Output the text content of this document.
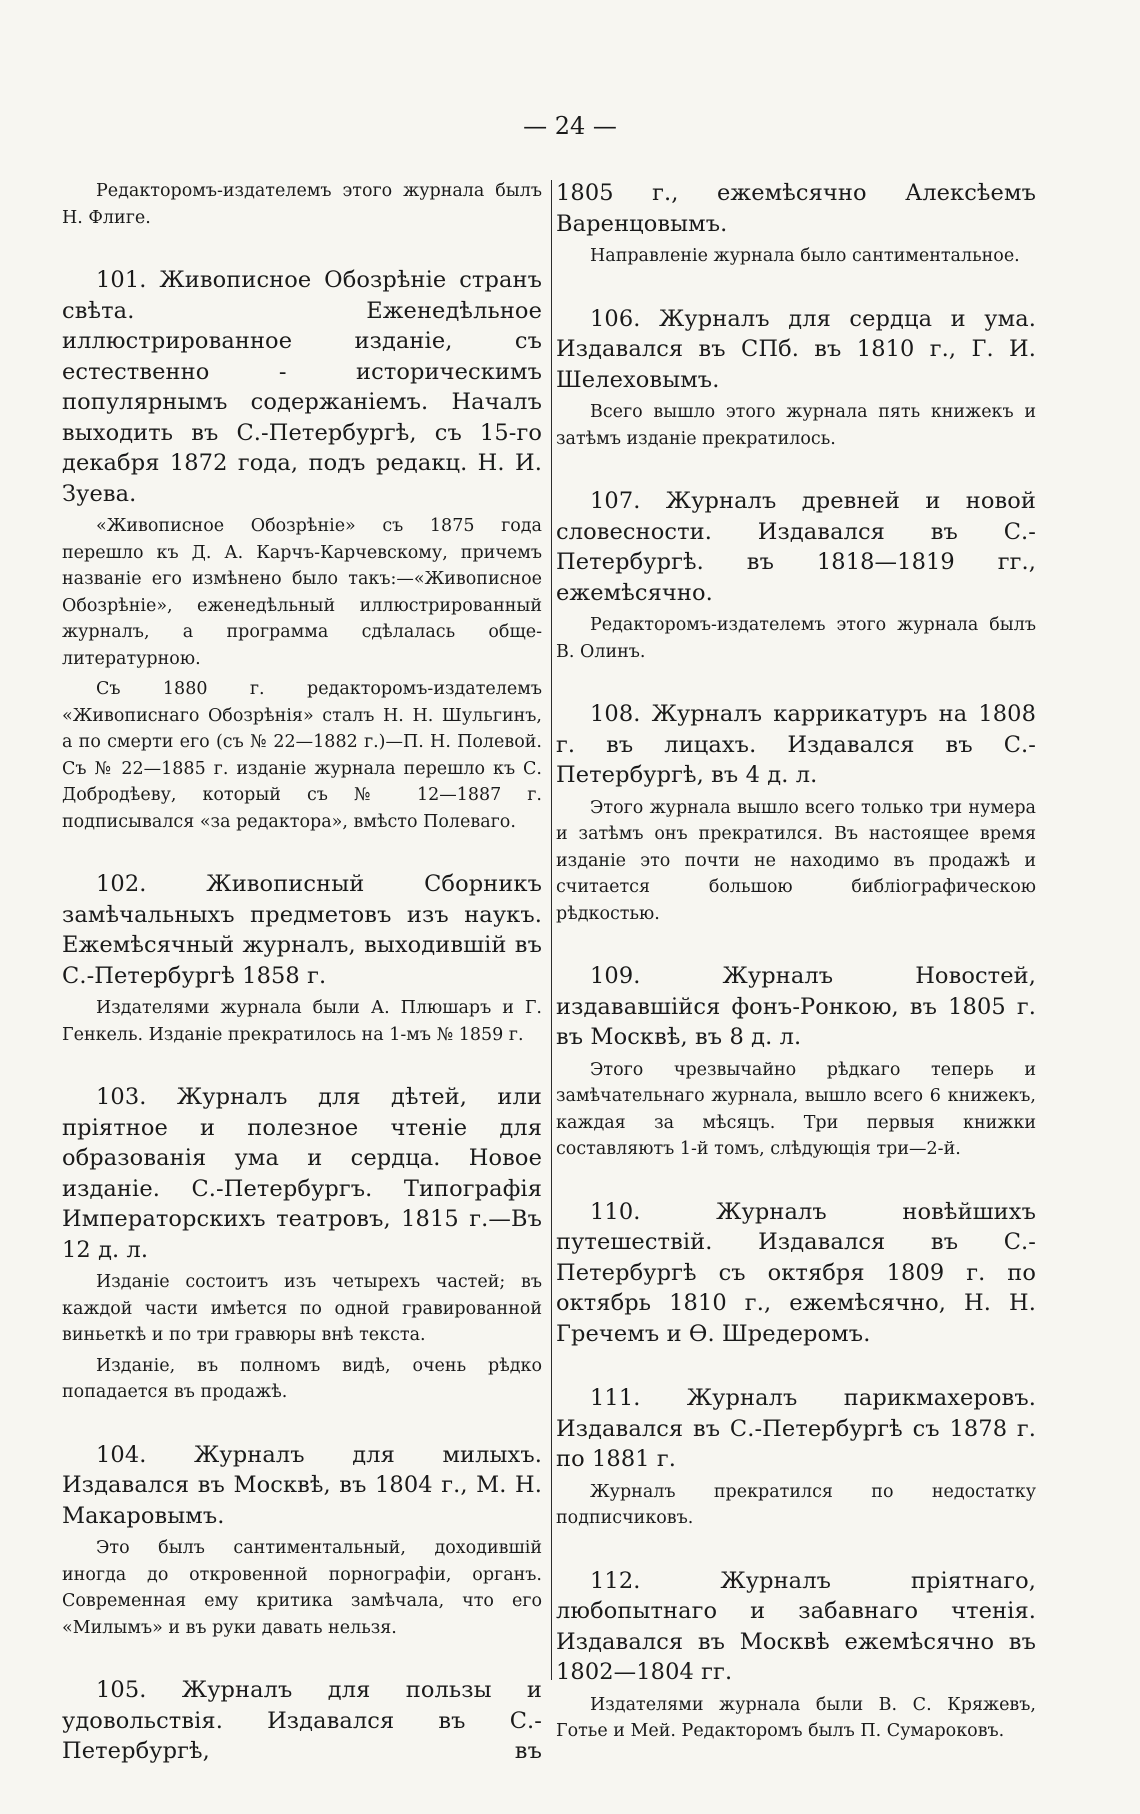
— 24 —

Редакторомъ-издателемъ этого журнала былъ Н. Флиге.

101. Живописное Обозрѣніе странъ свѣта. Еженедѣльное иллюстрированное изданіе, съ естественно - историческимъ популярнымъ содержаніемъ. Началъ выходить въ С.-Петербургѣ, съ 15-го декабря 1872 года, подъ редакц. Н. И. Зуева.

«Живописное Обозрѣніе» съ 1875 года перешло къ Д. А. Карчъ-Карчевскому, причемъ названіе его измѣнено было такъ:—«Живописное Обозрѣніе», еженедѣльный иллюстрированный журналъ, а программа сдѣлалась обще-литературною.

Съ 1880 г. редакторомъ-издателемъ «Живописнаго Обозрѣнія» сталъ Н. Н. Шульгинъ, а по смерти его (съ № 22—1882 г.)—П. Н. Полевой. Съ № 22—1885 г. изданіе журнала перешло къ С. Добродѣеву, который съ № 12—1887 г. подписывался «за редактора», вмѣсто Полеваго.

102. Живописный Сборникъ замѣчальныхъ предметовъ изъ наукъ. Ежемѣсячный журналъ, выходившій въ С.-Петербургѣ 1858 г.

Издателями журнала были А. Плюшаръ и Г. Генкель. Изданіе прекратилось на 1-мъ № 1859 г.

103. Журналъ для дѣтей, или пріятное и полезное чтеніе для образованія ума и сердца. Новое изданіе. С.-Петербургъ. Типографія Императорскихъ театровъ, 1815 г.—Въ 12 д. л.

Изданіе состоитъ изъ четырехъ частей; въ каждой части имѣется по одной гравированной виньеткѣ и по три гравюры внѣ текста.

Изданіе, въ полномъ видѣ, очень рѣдко попадается въ продажѣ.

104. Журналъ для милыхъ. Издавался въ Москвѣ, въ 1804 г., М. Н. Макаровымъ.

Это былъ сантиментальный, доходившій иногда до откровенной порнографіи, органъ. Современная ему критика замѣчала, что его «Милымъ» и въ руки давать нельзя.

105. Журналъ для пользы и удовольствія. Издавался въ С.-Петербургѣ, въ

1805 г., ежемѣсячно Алексѣемъ Варенцовымъ.

Направленіе журнала было сантиментальное.

106. Журналъ для сердца и ума. Издавался въ СПб. въ 1810 г., Г. И. Шелеховымъ.

Всего вышло этого журнала пять книжекъ и затѣмъ изданіе прекратилось.

107. Журналъ древней и новой словесности. Издавался въ С.-Петербургѣ. въ 1818—1819 гг., ежемѣсячно.

Редакторомъ-издателемъ этого журнала былъ В. Олинъ.

108. Журналъ каррикатуръ на 1808 г. въ лицахъ. Издавался въ С.-Петербургѣ, въ 4 д. л.

Этого журнала вышло всего только три нумера и затѣмъ онъ прекратился. Въ настоящее время изданіе это почти не находимо въ продажѣ и считается большою библіографическою рѣдкостью.

109. Журналъ Новостей, издававшійся фонъ-Ронкою, въ 1805 г. въ Москвѣ, въ 8 д. л.

Этого чрезвычайно рѣдкаго теперь и замѣчательнаго журнала, вышло всего 6 книжекъ, каждая за мѣсяцъ. Три первыя книжки составляютъ 1-й томъ, слѣдующія три—2-й.

110. Журналъ новѣйшихъ путешествій. Издавался въ С.-Петербургѣ съ октября 1809 г. по октябрь 1810 г., ежемѣсячно, Н. Н. Гречемъ и Ѳ. Шредеромъ.

111. Журналъ парикмахеровъ. Издавался въ С.-Петербургѣ съ 1878 г. по 1881 г.

Журналъ прекратился по недостатку подписчиковъ.

112. Журналъ пріятнаго, любопытнаго и забавнаго чтенія. Издавался въ Москвѣ ежемѣсячно въ 1802—1804 гг.

Издателями журнала были В. С. Кряжевъ, Готье и Мей. Редакторомъ былъ П. Сумароковъ.
